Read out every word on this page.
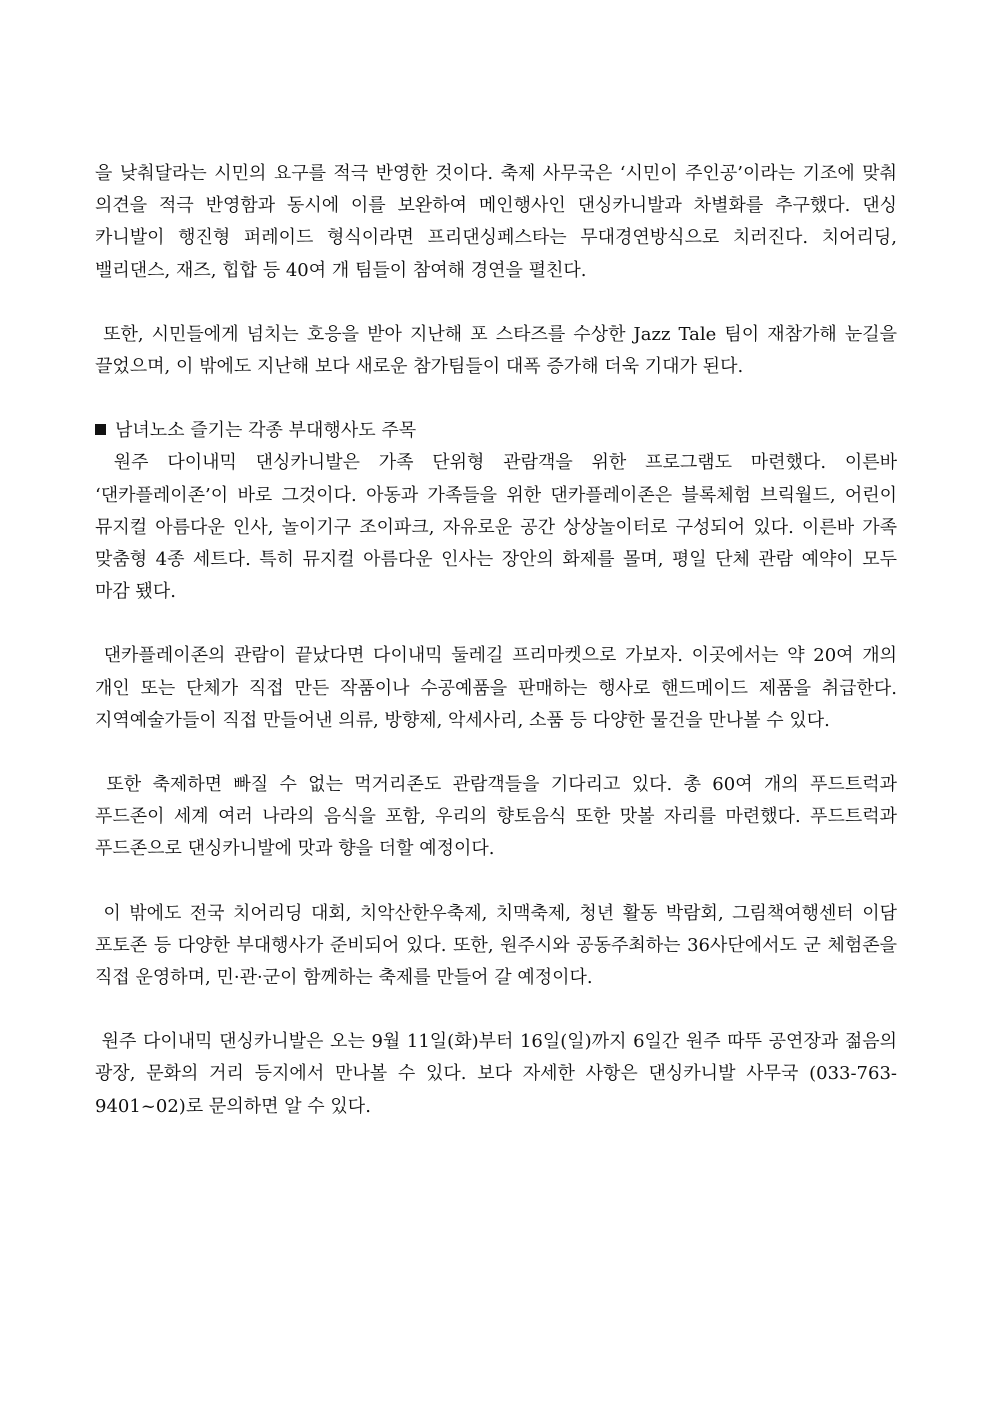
을 낮춰달라는 시민의 요구를 적극 반영한 것이다. 축제 사무국은 ‘시민이 주인공’이라는 기조에 맞춰 의견을 적극 반영함과 동시에 이를 보완하여 메인행사인 댄싱카니발과 차별화를 추구했다. 댄싱 카니발이 행진형 퍼레이드 형식이라면 프리댄싱페스타는 무대경연방식으로 치러진다. 치어리딩, 밸리댄스, 재즈, 힙합 등 40여 개 팀들이 참여해 경연을 펼친다.

또한, 시민들에게 넘치는 호응을 받아 지난해 포 스타즈를 수상한 Jazz Tale 팀이 재참가해 눈길을 끌었으며, 이 밖에도 지난해 보다 새로운 참가팀들이 대폭 증가해 더욱 기대가 된다.

남녀노소 즐기는 각종 부대행사도 주목

원주 다이내믹 댄싱카니발은 가족 단위형 관람객을 위한 프로그램도 마련했다. 이른바 ‘댄카플레이존’이 바로 그것이다. 아동과 가족들을 위한 댄카플레이존은 블록체험 브릭월드, 어린이 뮤지컬 아름다운 인사, 놀이기구 조이파크, 자유로운 공간 상상놀이터로 구성되어 있다. 이른바 가족 맞춤형 4종 세트다. 특히 뮤지컬 아름다운 인사는 장안의 화제를 몰며, 평일 단체 관람 예약이 모두 마감 됐다.

댄카플레이존의 관람이 끝났다면 다이내믹 둘레길 프리마켓으로 가보자. 이곳에서는 약 20여 개의 개인 또는 단체가 직접 만든 작품이나 수공예품을 판매하는 행사로 핸드메이드 제품을 취급한다. 지역예술가들이 직접 만들어낸 의류, 방향제, 악세사리, 소품 등 다양한 물건을 만나볼 수 있다.

또한 축제하면 빠질 수 없는 먹거리존도 관람객들을 기다리고 있다. 총 60여 개의 푸드트럭과 푸드존이 세계 여러 나라의 음식을 포함, 우리의 향토음식 또한 맛볼 자리를 마련했다. 푸드트럭과 푸드존으로 댄싱카니발에 맛과 향을 더할 예정이다.

이 밖에도 전국 치어리딩 대회, 치악산한우축제, 치맥축제, 청년 활동 박람회, 그림책여행센터 이담 포토존 등 다양한 부대행사가 준비되어 있다. 또한, 원주시와 공동주최하는 36사단에서도 군 체험존을 직접 운영하며, 민·관·군이 함께하는 축제를 만들어 갈 예정이다.

원주 다이내믹 댄싱카니발은 오는 9월 11일(화)부터 16일(일)까지 6일간 원주 따뚜 공연장과 젊음의 광장, 문화의 거리 등지에서 만나볼 수 있다. 보다 자세한 사항은 댄싱카니발 사무국 (033-763-9401~02)로 문의하면 알 수 있다.
